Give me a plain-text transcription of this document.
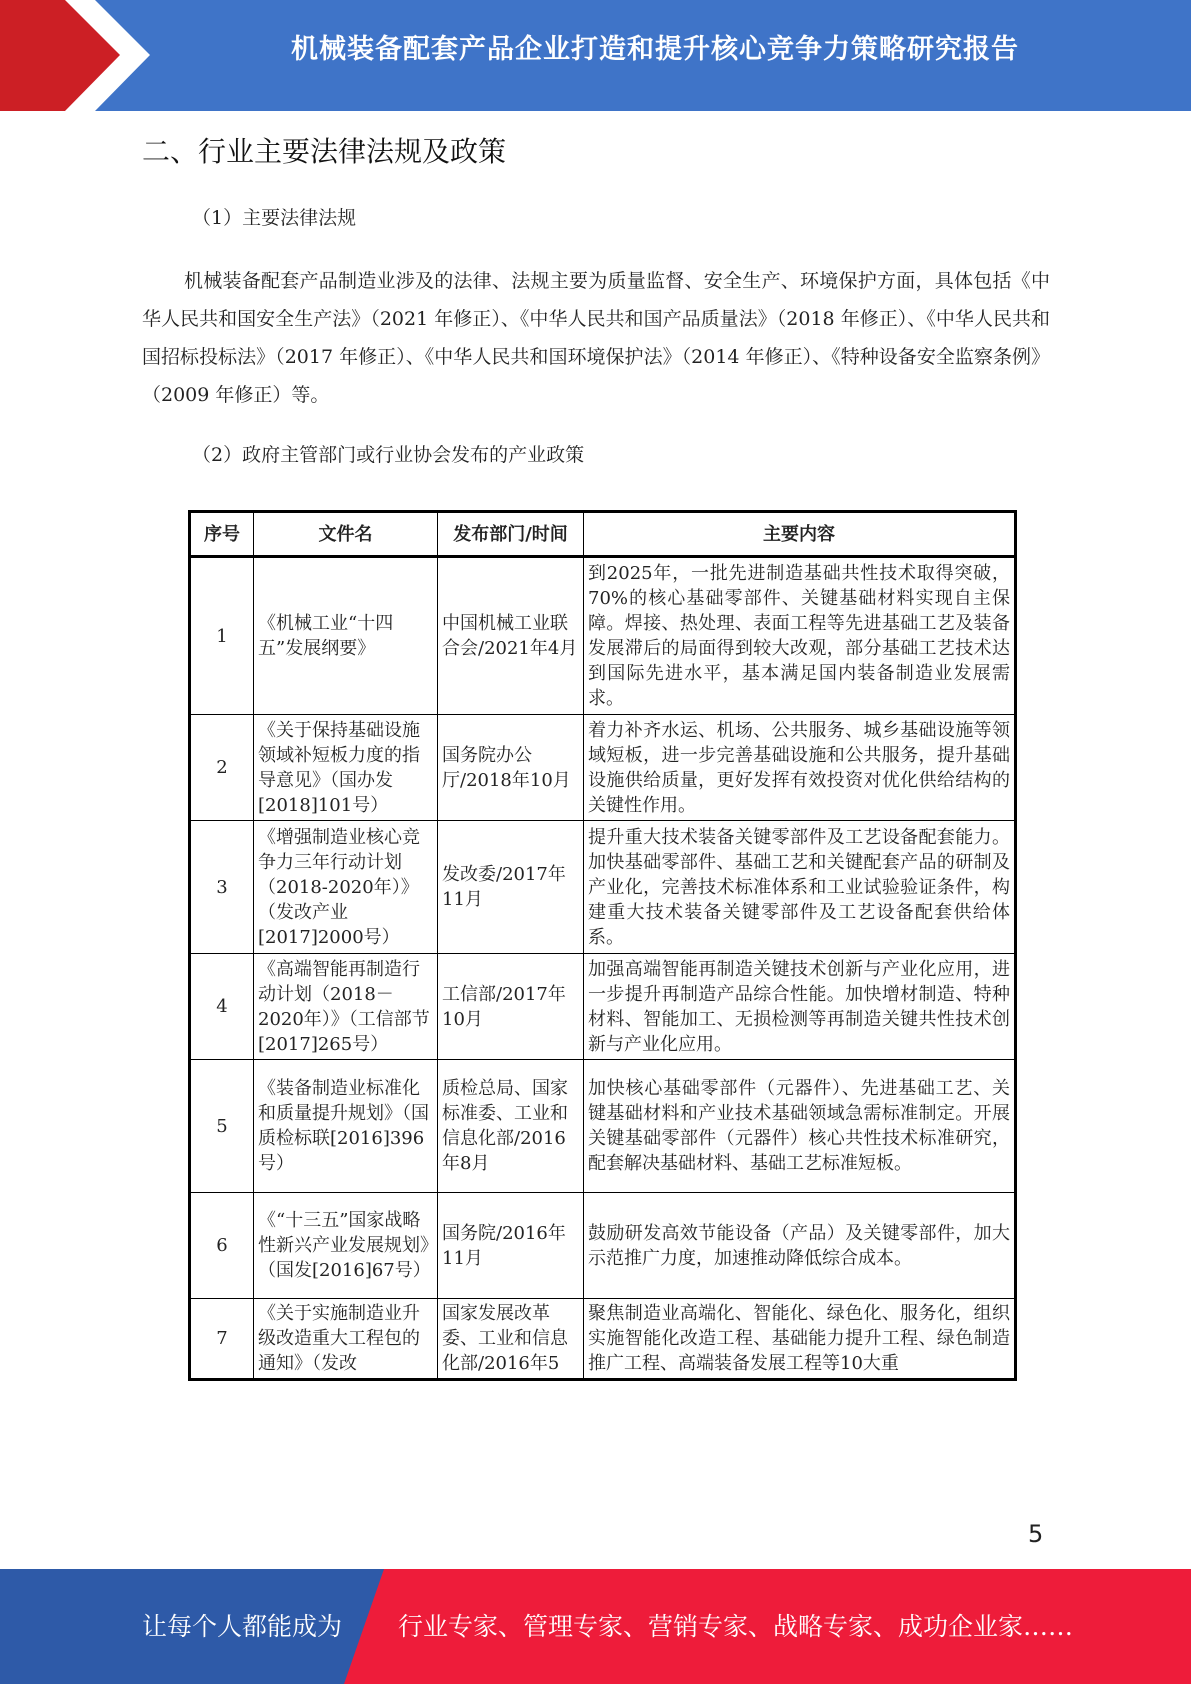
机械装备配套产品企业打造和提升核心竞争力策略研究报告
二、行业主要法律法规及政策
（1）主要法律法规
机械装备配套产品制造业涉及的法律、法规主要为质量监督、安全生产、环境保护方面，具体包括《中华人民共和国安全生产法》（2021 年修正）、《中华人民共和国产品质量法》（2018 年修正）、《中华人民共和国招标投标法》（2017 年修正）、《中华人民共和国环境保护法》（2014 年修正）、《特种设备安全监察条例》（2009 年修正）等。
（2）政府主管部门或行业协会发布的产业政策
序号	文件名	发布部门/时间	主要内容
1	《机械工业“十四五”发展纲要》	中国机械工业联合会/2021年4月	到2025年，一批先进制造基础共性技术取得突破，70%的核心基础零部件、关键基础材料实现自主保障。焊接、热处理、表面工程等先进基础工艺及装备发展滞后的局面得到较大改观，部分基础工艺技术达到国际先进水平，基本满足国内装备制造业发展需求。
2	《关于保持基础设施领域补短板力度的指导意见》（国办发[2018]101号）	国务院办公厅/2018年10月	着力补齐水运、机场、公共服务、城乡基础设施等领域短板，进一步完善基础设施和公共服务，提升基础设施供给质量，更好发挥有效投资对优化供给结构的关键性作用。
3	《增强制造业核心竞争力三年行动计划（2018-2020年）》（发改产业[2017]2000号）	发改委/2017年11月	提升重大技术装备关键零部件及工艺设备配套能力。加快基础零部件、基础工艺和关键配套产品的研制及产业化，完善技术标准体系和工业试验验证条件，构建重大技术装备关键零部件及工艺设备配套供给体系。
4	《高端智能再制造行动计划（2018－2020年）》（工信部节[2017]265号）	工信部/2017年10月	加强高端智能再制造关键技术创新与产业化应用，进一步提升再制造产品综合性能。加快增材制造、特种材料、智能加工、无损检测等再制造关键共性技术创新与产业化应用。
5	《装备制造业标准化和质量提升规划》（国质检标联[2016]396号）	质检总局、国家标准委、工业和信息化部/2016年8月	加快核心基础零部件（元器件）、先进基础工艺、关键基础材料和产业技术基础领域急需标准制定。开展关键基础零部件（元器件）核心共性技术标准研究，配套解决基础材料、基础工艺标准短板。
6	《“十三五”国家战略性新兴产业发展规划》（国发[2016]67号）	国务院/2016年11月	鼓励研发高效节能设备（产品）及关键零部件，加大示范推广力度，加速推动降低综合成本。
7	《关于实施制造业升级改造重大工程包的通知》（发改	国家发展改革委、工业和信息化部/2016年5	聚焦制造业高端化、智能化、绿色化、服务化，组织实施智能化改造工程、基础能力提升工程、绿色制造推广工程、高端装备发展工程等10大重
5
让每个人都能成为 行业专家、管理专家、营销专家、战略专家、成功企业家……
